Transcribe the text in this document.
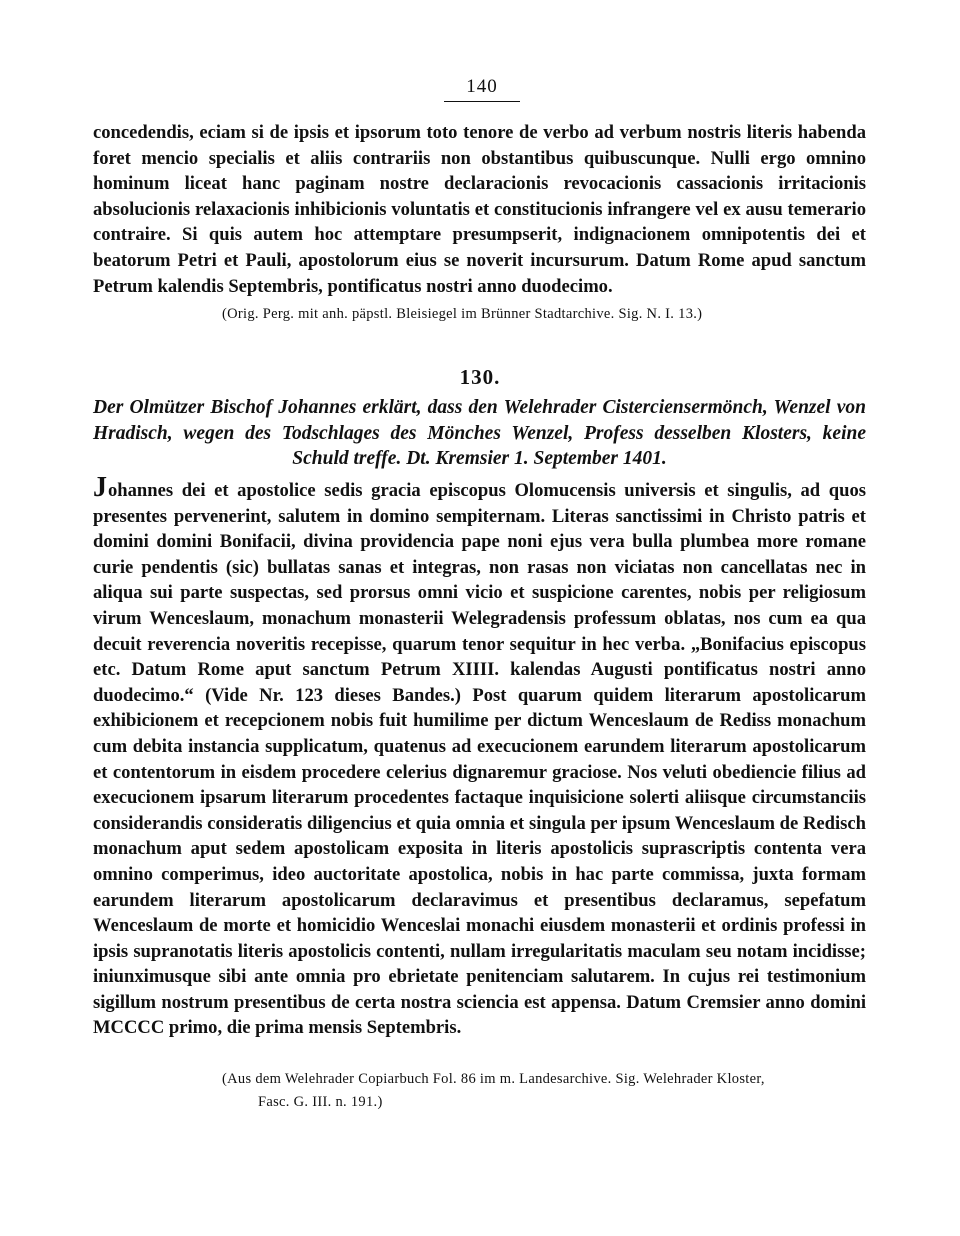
140
concedendis, eciam si de ipsis et ipsorum toto tenore de verbo ad verbum nostris literis habenda foret mencio specialis et aliis contrariis non obstantibus quibuscunque. Nulli ergo omnino hominum liceat hanc paginam nostre declaracionis revocacionis cassacionis irritacionis absolucionis relaxacionis inhibicionis voluntatis et constitucionis infrangere vel ex ausu temerario contraire. Si quis autem hoc attemptare presumpserit, indignacionem omnipotentis dei et beatorum Petri et Pauli, apostolorum eius se noverit incursurum. Datum Rome apud sanctum Petrum kalendis Septembris, pontificatus nostri anno duodecimo.
(Orig. Perg. mit anh. päpstl. Bleisiegel im Brünner Stadtarchive. Sig. N. I. 13.)
130.
Der Olmützer Bischof Johannes erklärt, dass den Welehrader Cisterciensermönch, Wenzel von Hradisch, wegen des Todschlages des Mönches Wenzel, Profess desselben Klosters, keine Schuld treffe. Dt. Kremsier 1. September 1401.
Johannes dei et apostolice sedis gracia episcopus Olomucensis universis et singulis, ad quos presentes pervenerint, salutem in domino sempiternam. Literas sanctissimi in Christo patris et domini domini Bonifacii, divina providencia pape noni ejus vera bulla plumbea more romane curie pendentis (sic) bullatas sanas et integras, non rasas non viciatas non cancellatas nec in aliqua sui parte suspectas, sed prorsus omni vicio et suspicione carentes, nobis per religiosum virum Wenceslaum, monachum monasterii Welegradensis professum oblatas, nos cum ea qua decuit reverencia noveritis recepisse, quarum tenor sequitur in hec verba. „Bonifacius episcopus etc. Datum Rome aput sanctum Petrum XIIII. kalendas Augusti pontificatus nostri anno duodecimo.“ (Vide Nr. 123 dieses Bandes.) Post quarum quidem literarum apostolicarum exhibicionem et recepcionem nobis fuit humilime per dictum Wenceslaum de Rediss monachum cum debita instancia supplicatum, quatenus ad execucionem earundem literarum apostolicarum et contentorum in eisdem procedere celerius dignaremur graciose. Nos veluti obediencie filius ad execucionem ipsarum literarum procedentes factaque inquisicione solerti aliisque circumstanciis considerandis consideratis diligencius et quia omnia et singula per ipsum Wenceslaum de Redisch monachum aput sedem apostolicam exposita in literis apostolicis suprascriptis contenta vera omnino comperimus, ideo auctoritate apostolica, nobis in hac parte commissa, juxta formam earundem literarum apostolicarum declaravimus et presentibus declaramus, sepefatum Wenceslaum de morte et homicidio Wenceslai monachi eiusdem monasterii et ordinis professi in ipsis supranotatis literis apostolicis contenti, nullam irregularitatis maculam seu notam incidisse; iniunximusque sibi ante omnia pro ebrietate penitenciam salutarem. In cujus rei testimonium sigillum nostrum presentibus de certa nostra sciencia est appensa. Datum Cremsier anno domini MCCCC primo, die prima mensis Septembris.
(Aus dem Welehrader Copiarbuch Fol. 86 im m. Landesarchive. Sig. Welehrader Kloster,
Fasc. G. III. n. 191.)
